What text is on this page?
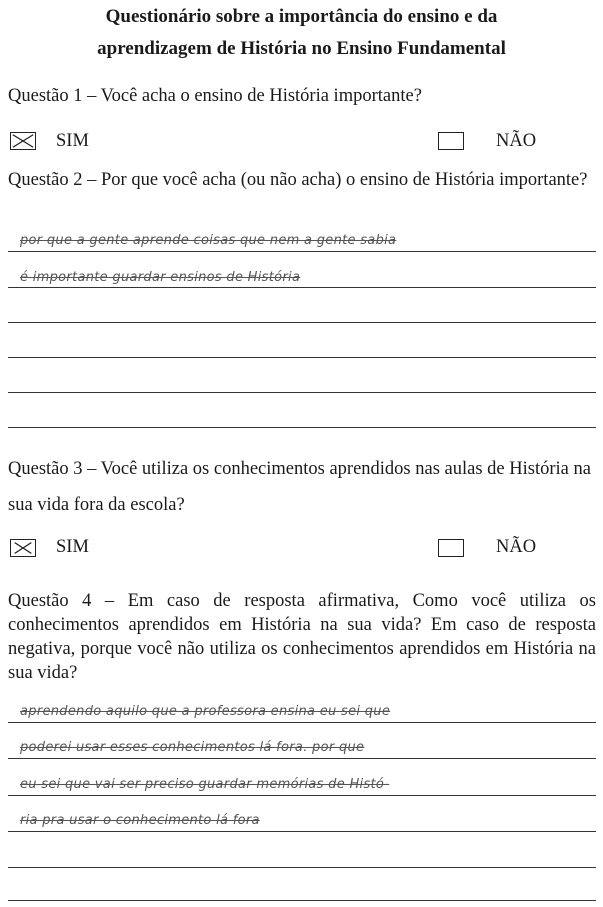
Questionário sobre a importância do ensino e da
aprendizagem de História no Ensino Fundamental
Questão 1 – Você acha o ensino de História importante?
SIM	NÃO
Questão 2 – Por que você acha (ou não acha) o ensino de História importante?
por que a gente aprende coisas que nem a gente sabia
é importante guardar ensinos de História
Questão 3 – Você utiliza os conhecimentos aprendidos nas aulas de História na sua vida fora da escola?
SIM	NÃO
Questão 4 – Em caso de resposta afirmativa, Como você utiliza os conhecimentos aprendidos em História na sua vida? Em caso de resposta negativa, porque você não utiliza os conhecimentos aprendidos em História na sua vida?
aprendendo aquilo que a professora ensina eu sei que
poderei usar esses conhecimentos lá fora. por que
eu sei que vai ser preciso guardar memórias de Histó-
ria pra usar o conhecimento lá fora
